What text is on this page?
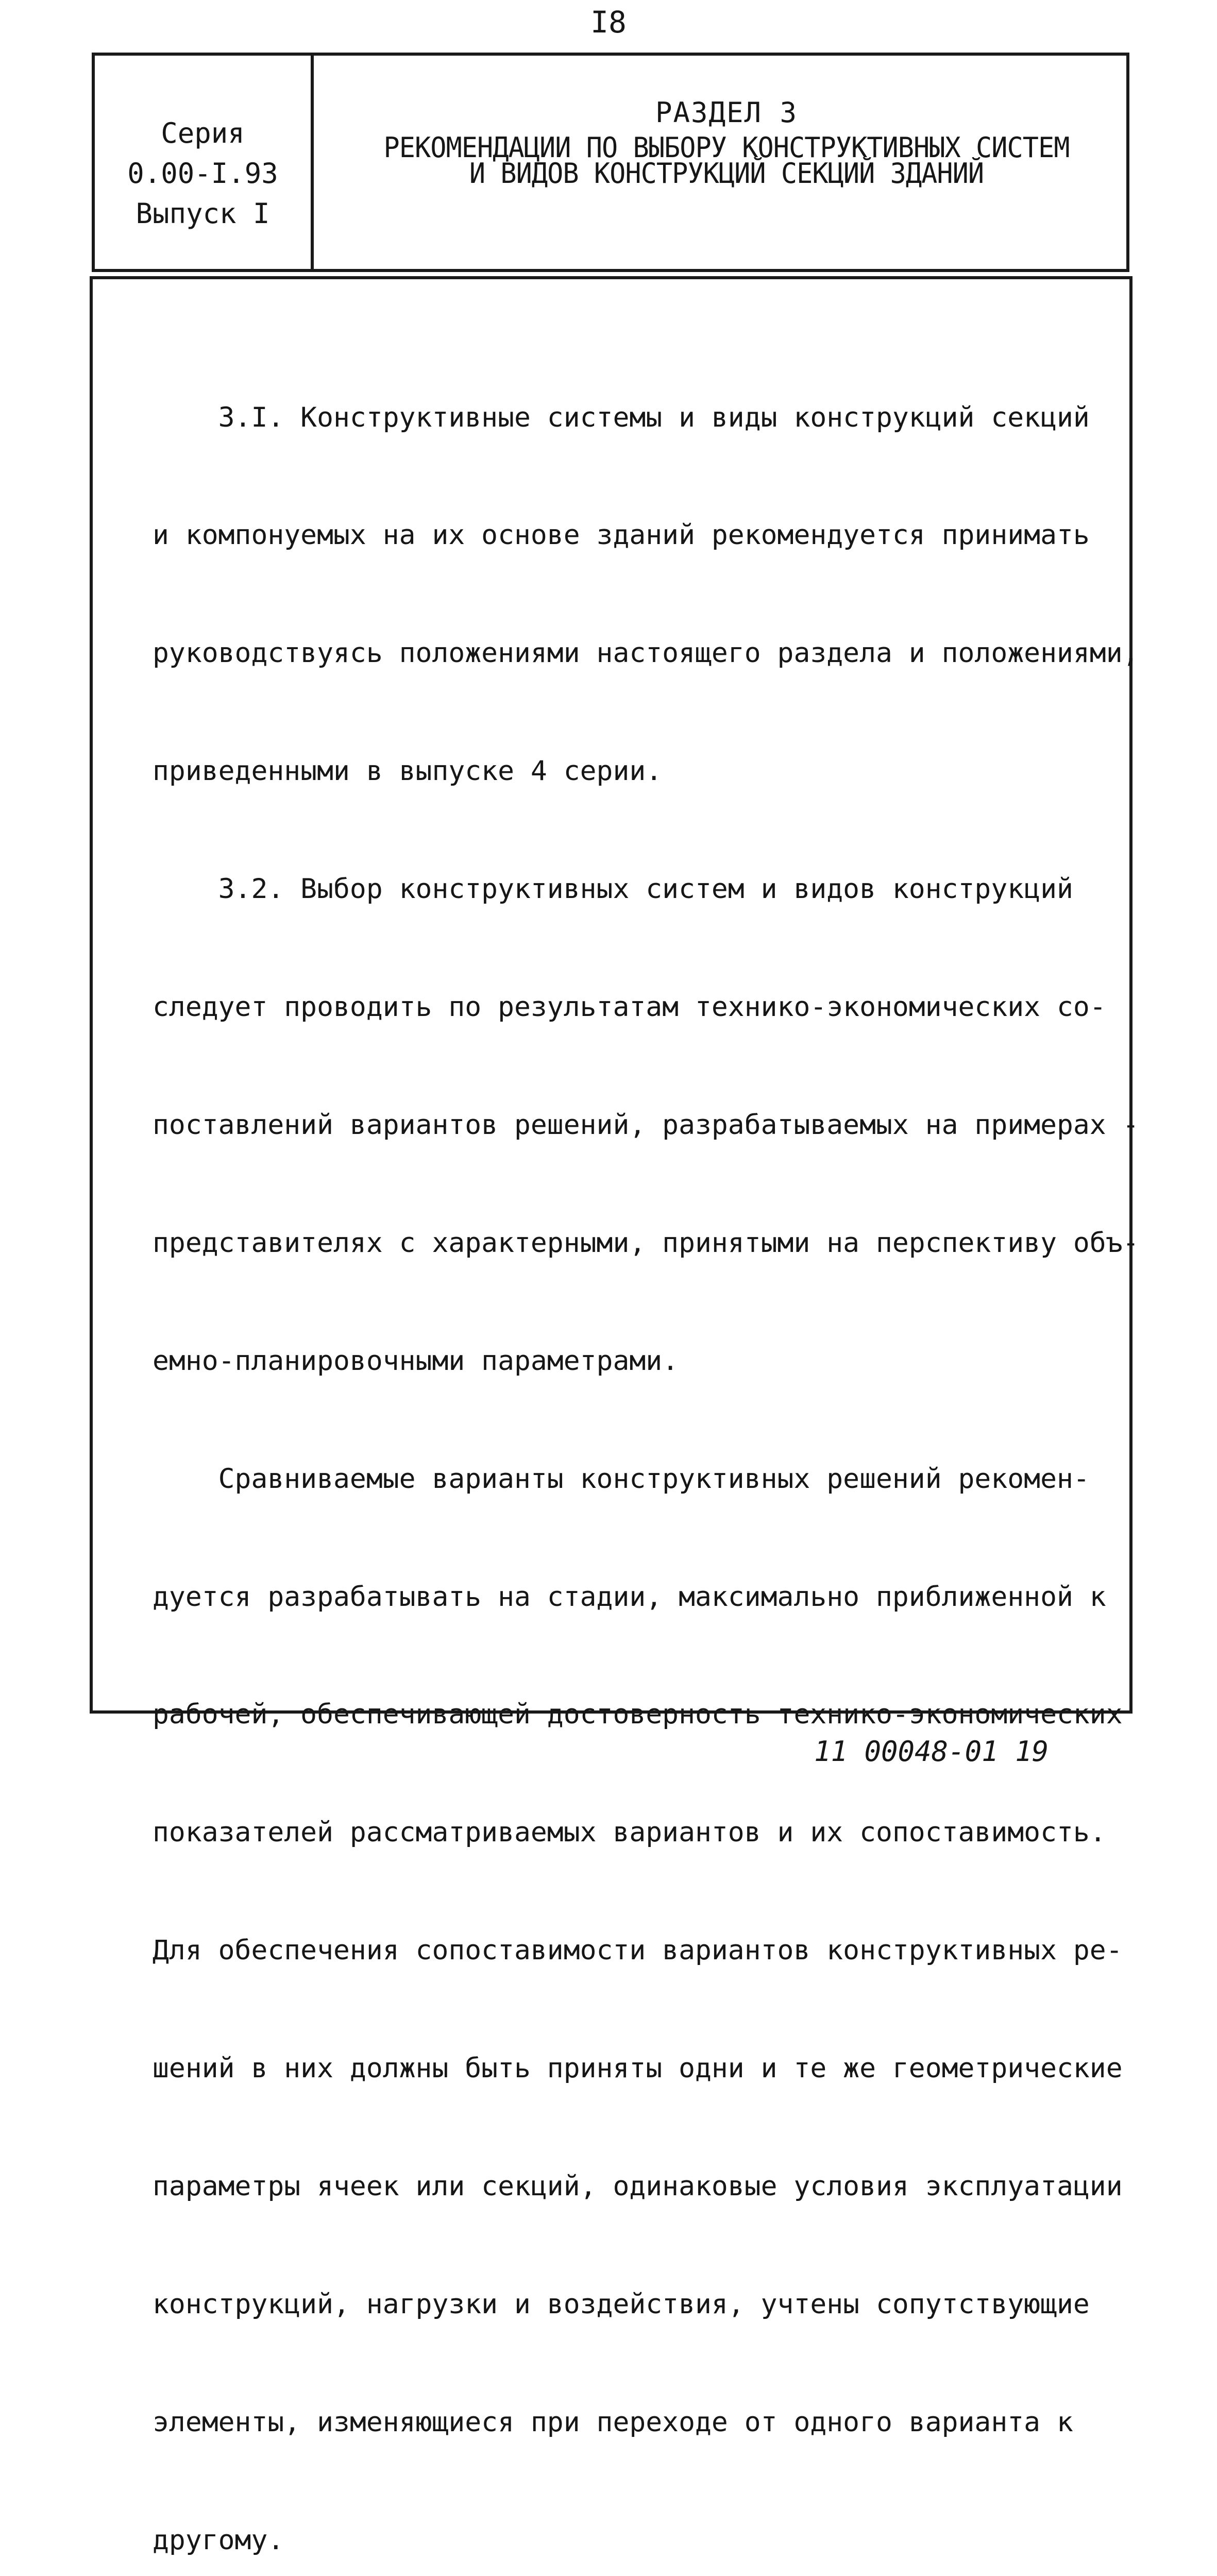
I8
Серия
0.00-I.93
Выпуск I
РАЗДЕЛ 3
РЕКОМЕНДАЦИИ ПО ВЫБОРУ КОНСТРУКТИВНЫХ СИСТЕМ
И ВИДОВ КОНСТРУКЦИЙ СЕКЦИЙ ЗДАНИЙ

3.I. Конструктивные системы и виды конструкций секций

и компонуемых на их основе зданий рекомендуется принимать

руководствуясь положениями настоящего раздела и положениями,

приведенными в выпуске 4 серии.

3.2. Выбор конструктивных систем и видов конструкций

следует проводить по результатам технико-экономических со-

поставлений вариантов решений, разрабатываемых на примерах -

представителях с характерными, принятыми на перспективу объ-

емно-планировочными параметрами.

Сравниваемые варианты конструктивных решений рекомен-

дуется разрабатывать на стадии, максимально приближенной к

рабочей, обеспечивающей достоверность технико-экономических

показателей рассматриваемых вариантов и их сопоставимость.

Для обеспечения сопоставимости вариантов конструктивных ре-

шений в них должны быть приняты одни и те же геометрические

параметры ячеек или секций, одинаковые условия эксплуатации

конструкций, нагрузки и воздействия, учтены сопутствующие

элементы, изменяющиеся при переходе от одного варианта к

другому.

11 00048-01 19
